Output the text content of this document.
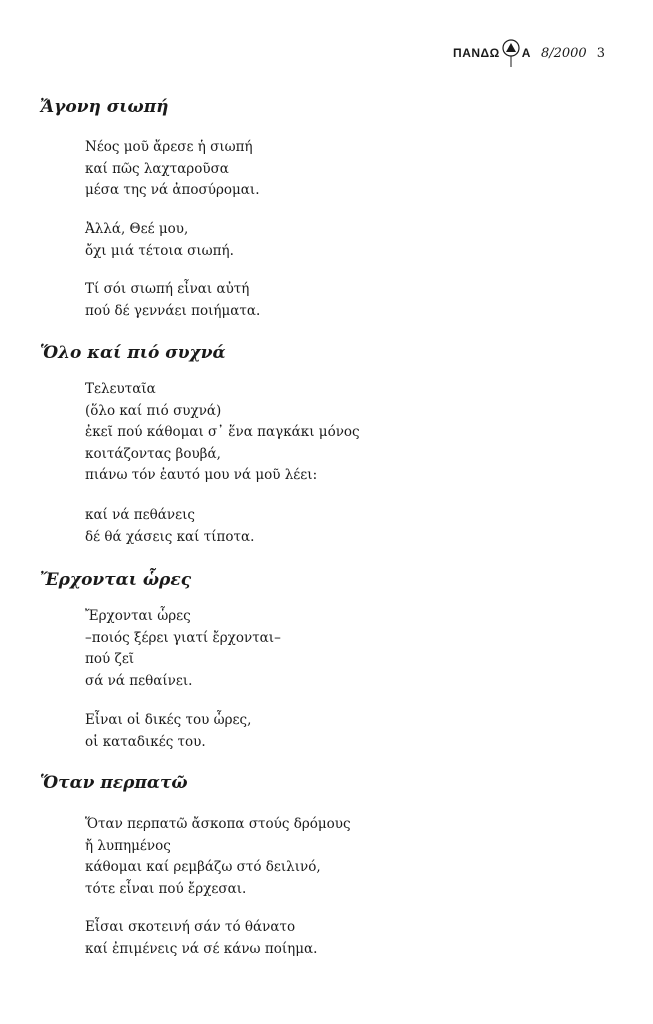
ΠΑΝΔΩ Α 8/2000 3
Ἄγονη σιωπή
Νέος μοῦ ἄρεσε ἡ σιωπή
καί πῶς λαχταροῦσα
μέσα της νά ἀποσύρομαι.
Ἀλλά, Θεέ μου,
ὄχι μιά τέτοια σιωπή.
Τί σόι σιωπή εἶναι αὐτή
πού δέ γεννάει ποιήματα.
Ὅλο καί πιό συχνά
Τελευταῖα
(ὅλο καί πιό συχνά)
ἐκεῖ πού κάθομαι σ᾽ ἕνα παγκάκι μόνος
κοιτάζοντας βουβά,
πιάνω τόν ἑαυτό μου νά μοῦ λέει:
καί νά πεθάνεις
δέ θά χάσεις καί τίποτα.
Ἔρχονται ὧρες
Ἔρχονται ὧρες
–ποιός ξέρει γιατί ἔρχονται–
πού ζεῖ
σά νά πεθαίνει.
Εἶναι οἱ δικές του ὧρες,
οἱ καταδικές του.
Ὅταν περπατῶ
Ὅταν περπατῶ ἄσκοπα στούς δρόμους
ἤ λυπημένος
κάθομαι καί ρεμβάζω στό δειλινό,
τότε εἶναι πού ἔρχεσαι.
Εἶσαι σκοτεινή σάν τό θάνατο
καί ἐπιμένεις νά σέ κάνω ποίημα.
